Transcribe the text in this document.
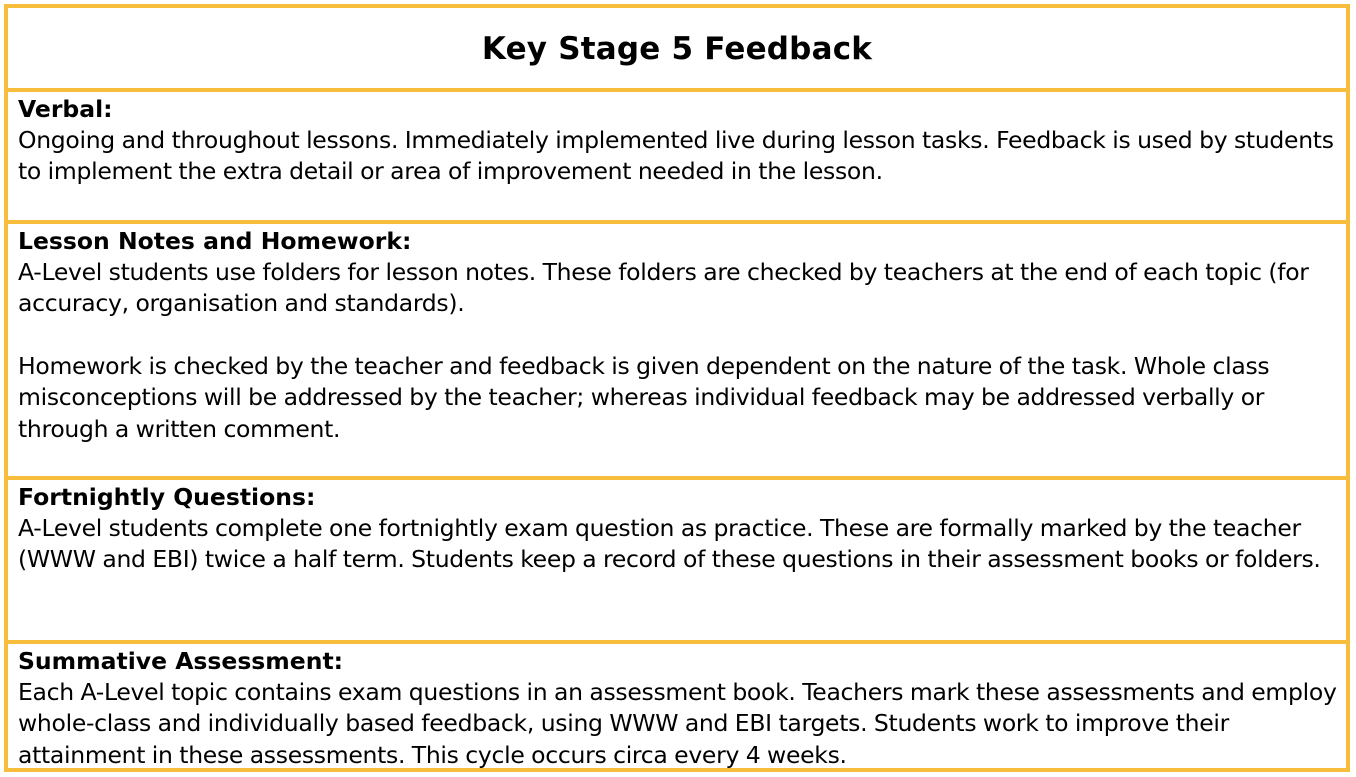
Key Stage 5 Feedback
Verbal:

Ongoing and throughout lessons. Immediately implemented live during lesson tasks. Feedback is used by students to implement the extra detail or area of improvement needed in the lesson.

Lesson Notes and Homework:

A-Level students use folders for lesson notes. These folders are checked by teachers at the end of each topic (for accuracy, organisation and standards).

Homework is checked by the teacher and feedback is given dependent on the nature of the task. Whole class misconceptions will be addressed by the teacher; whereas individual feedback may be addressed verbally or through a written comment.

Fortnightly Questions:

A-Level students complete one fortnightly exam question as practice. These are formally marked by the teacher (WWW and EBI) twice a half term. Students keep a record of these questions in their assessment books or folders.

Summative Assessment:

Each A-Level topic contains exam questions in an assessment book. Teachers mark these assessments and employ whole-class and individually based feedback, using WWW and EBI targets. Students work to improve their attainment in these assessments. This cycle occurs circa every 4 weeks.
